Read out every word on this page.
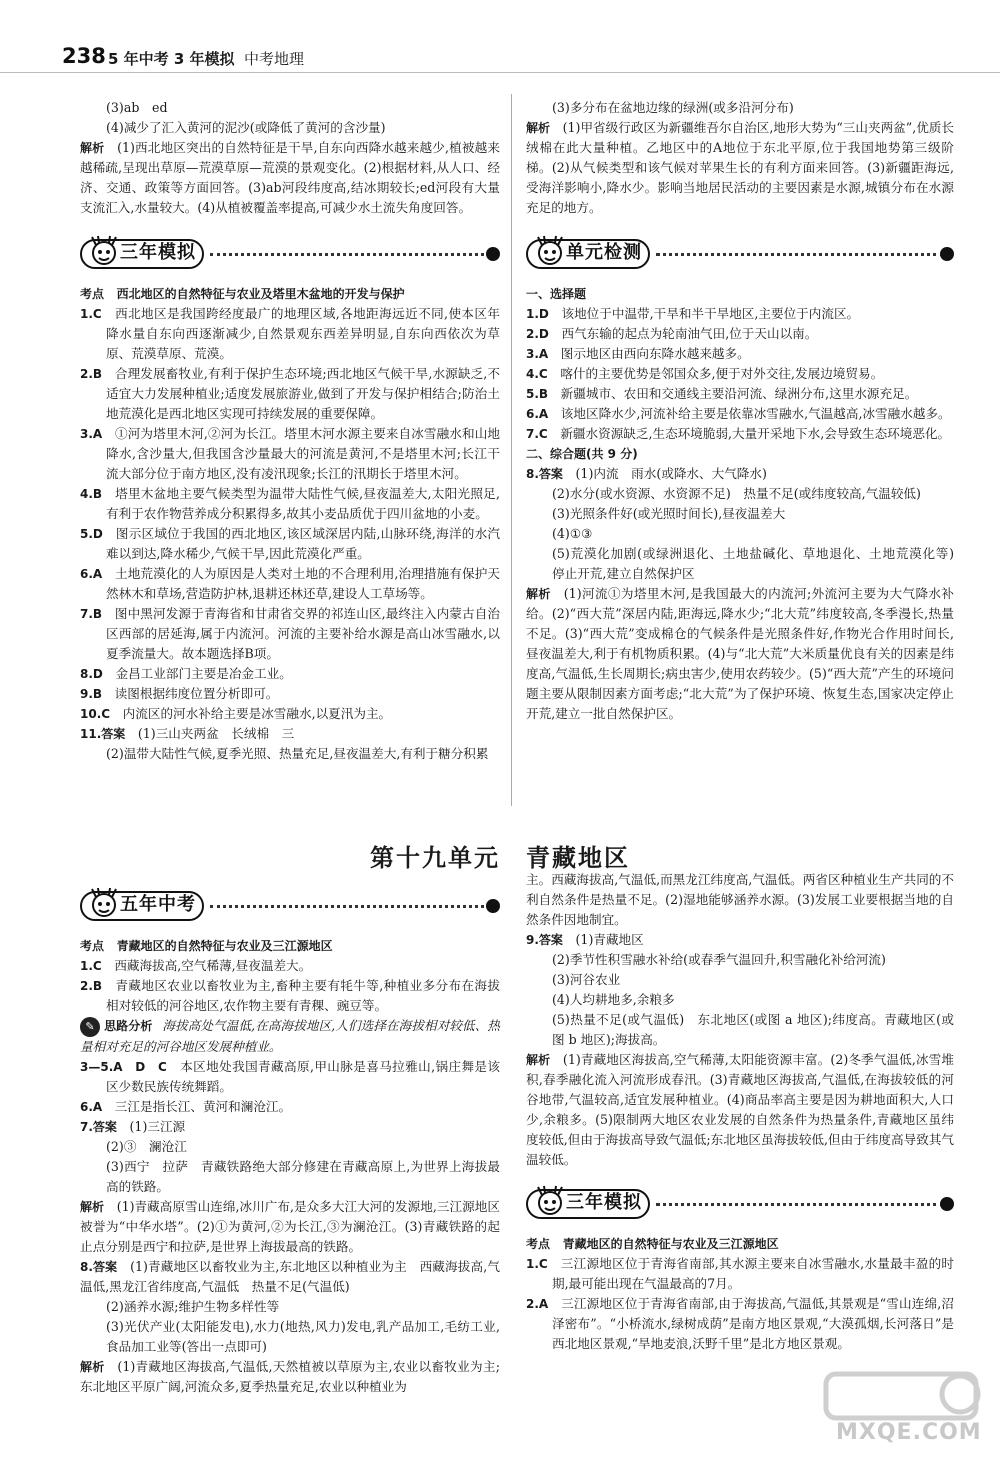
238 5 年中考 3 年模拟 中考地理

(3)ab　ed

(4)减少了汇入黄河的泥沙(或降低了黄河的含沙量)

解析　 (1)西北地区突出的自然特征是干旱,自东向西降水越来越少,植被越来越稀疏,呈现出草原—荒漠草原—荒漠的景观变化。(2)根据材料,从人口、经济、交通、政策等方面回答。(3)ab河段纬度高,结冰期较长;ed河段有大量支流汇入,水量较大。(4)从植被覆盖率提高,可减少水土流失角度回答。

三年模拟

考点　 西北地区的自然特征与农业及塔里木盆地的开发与保护

1.C　 西北地区是我国跨经度最广的地理区域,各地距海远近不同,使本区年降水量自东向西逐渐减少,自然景观东西差异明显,自东向西依次为草原、荒漠草原、荒漠。

2.B　 合理发展畜牧业,有利于保护生态环境;西北地区气候干旱,水源缺乏,不适宜大力发展种植业;适度发展旅游业,做到了开发与保护相结合;防治土地荒漠化是西北地区实现可持续发展的重要保障。

3.A　 ①河为塔里木河,②河为长江。塔里木河水源主要来自冰雪融水和山地降水,含沙量大,但我国含沙量最大的河流是黄河,不是塔里木河;长江干流大部分位于南方地区,没有凌汛现象;长江的汛期长于塔里木河。

4.B　 塔里木盆地主要气候类型为温带大陆性气候,昼夜温差大,太阳光照足,有利于农作物营养成分积累得多,故其小麦品质优于四川盆地的小麦。

5.D　 图示区域位于我国的西北地区,该区域深居内陆,山脉环绕,海洋的水汽难以到达,降水稀少,气候干旱,因此荒漠化严重。

6.A　 土地荒漠化的人为原因是人类对土地的不合理利用,治理措施有保护天然林木和草场,营造防护林,退耕还林还草,建设人工草场等。

7.B　 图中黑河发源于青海省和甘肃省交界的祁连山区,最终注入内蒙古自治区西部的居延海,属于内流河。河流的主要补给水源是高山冰雪融水,以夏季流量大。故本题选择B项。

8.D　 金昌工业部门主要是冶金工业。

9.B　 读图根据纬度位置分析即可。

10.C　 内流区的河水补给主要是冰雪融水,以夏汛为主。

11.答案　 (1)三山夹两盆　长绒棉　三

(2)温带大陆性气候,夏季光照、热量充足,昼夜温差大,有利于糖分积累

(3)多分布在盆地边缘的绿洲(或多沿河分布)

解析　 (1)甲省级行政区为新疆维吾尔自治区,地形大势为“三山夹两盆”,优质长绒棉在此大量种植。乙地区中的A地位于东北平原,位于我国地势第三级阶梯。(2)从气候类型和该气候对苹果生长的有利方面来回答。(3)新疆距海远,受海洋影响小,降水少。影响当地居民活动的主要因素是水源,城镇分布在水源充足的地方。

单元检测

一、选择题

1.D　 该地位于中温带,干旱和半干旱地区,主要位于内流区。

2.D　 西气东输的起点为轮南油气田,位于天山以南。

3.A　 图示地区由西向东降水越来越多。

4.C　 喀什的主要优势是邻国众多,便于对外交往,发展边境贸易。

5.B　 新疆城市、农田和交通线主要沿河流、绿洲分布,这里水源充足。

6.A　 该地区降水少,河流补给主要是依靠冰雪融水,气温越高,冰雪融水越多。

7.C　 新疆水资源缺乏,生态环境脆弱,大量开采地下水,会导致生态环境恶化。

二、综合题(共 9 分)

8.答案　 (1)内流　雨水(或降水、大气降水)

(2)水分(或水资源、水资源不足)　热量不足(或纬度较高,气温较低)

(3)光照条件好(或光照时间长),昼夜温差大

(4)①③

(5)荒漠化加剧(或绿洲退化、土地盐碱化、草地退化、土地荒漠化等)　停止开荒,建立自然保护区

解析　 (1)河流①为塔里木河,是我国最大的内流河;外流河主要为大气降水补给。(2)“西大荒”深居内陆,距海远,降水少;“北大荒”纬度较高,冬季漫长,热量不足。(3)“西大荒”变成棉仓的气候条件是光照条件好,作物光合作用时间长,昼夜温差大,利于有机物质积累。(4)与“北大荒”大米质量优良有关的因素是纬度高,气温低,生长周期长;病虫害少,使用农药较少。(5)“西大荒”产生的环境问题主要从限制因素方面考虑;“北大荒”为了保护环境、恢复生态,国家决定停止开荒,建立一批自然保护区。

第十九单元 青藏地区
五年中考

考点　 青藏地区的自然特征与农业及三江源地区

1.C　 西藏海拔高,空气稀薄,昼夜温差大。

2.B　 青藏地区农业以畜牧业为主,畜种主要有牦牛等,种植业多分布在海拔相对较低的河谷地区,农作物主要有青稞、豌豆等。

✎ 思路分析 海拔高处气温低,在高海拔地区,人们选择在海拔相对较低、热量相对充足的河谷地区发展种植业。

3—5.A　D　C　 本区地处我国青藏高原,甲山脉是喜马拉雅山,锅庄舞是该区少数民族传统舞蹈。

6.A　 三江是指长江、黄河和澜沧江。

7.答案　 (1)三江源

(2)③　澜沧江

(3)西宁　拉萨　青藏铁路绝大部分修建在青藏高原上,为世界上海拔最高的铁路。

解析　 (1)青藏高原雪山连绵,冰川广布,是众多大江大河的发源地,三江源地区被誉为“中华水塔”。(2)①为黄河,②为长江,③为澜沧江。(3)青藏铁路的起止点分别是西宁和拉萨,是世界上海拔最高的铁路。

8.答案　 (1)青藏地区以畜牧业为主,东北地区以种植业为主　西藏海拔高,气温低,黑龙江省纬度高,气温低　热量不足(气温低)

(2)涵养水源;维护生物多样性等

(3)光伏产业(太阳能发电),水力(地热,风力)发电,乳产品加工,毛纺工业,食品加工业等(答出一点即可)

解析　 (1)青藏地区海拔高,气温低,天然植被以草原为主,农业以畜牧业为主;东北地区平原广阔,河流众多,夏季热量充足,农业以种植业为

主。西藏海拔高,气温低,而黑龙江纬度高,气温低。两省区种植业生产共同的不利自然条件是热量不足。(2)湿地能够涵养水源。(3)发展工业要根据当地的自然条件因地制宜。

9.答案　 (1)青藏地区

(2)季节性积雪融水补给(或春季气温回升,积雪融化补给河流)

(3)河谷农业

(4)人均耕地多,余粮多

(5)热量不足(或气温低)　东北地区(或图 a 地区);纬度高。青藏地区(或图 b 地区);海拔高。

解析　 (1)青藏地区海拔高,空气稀薄,太阳能资源丰富。(2)冬季气温低,冰雪堆积,春季融化流入河流形成春汛。(3)青藏地区海拔高,气温低,在海拔较低的河谷地带,气温较高,适宜发展种植业。(4)商品率高主要是因为耕地面积大,人口少,余粮多。(5)限制两大地区农业发展的自然条件为热量条件,青藏地区虽纬度较低,但由于海拔高导致气温低;东北地区虽海拔较低,但由于纬度高导致其气温较低。

三年模拟

考点　 青藏地区的自然特征与农业及三江源地区

1.C　 三江源地区位于青海省南部,其水源主要来自冰雪融水,水量最丰盈的时期,最可能出现在气温最高的7月。

2.A　 三江源地区位于青海省南部,由于海拔高,气温低,其景观是“雪山连绵,沼泽密布”。“小桥流水,绿树成荫”是南方地区景观,“大漠孤烟,长河落日”是西北地区景观,“旱地麦浪,沃野千里”是北方地区景观。

MXQE.COM
